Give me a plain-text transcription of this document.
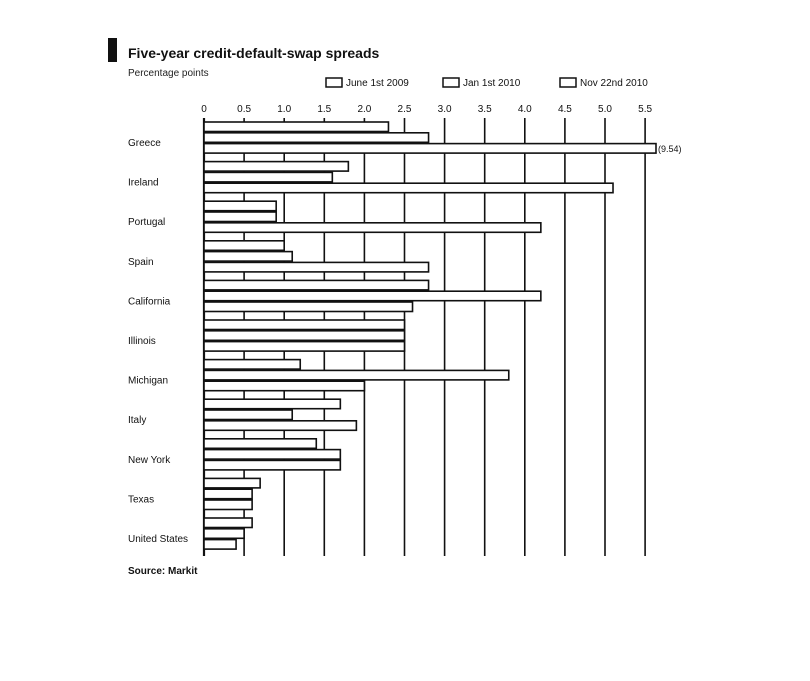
Five-year credit-default-swap spreads
Percentage points
June 1st 2009	Jan 1st 2010	Nov 22nd 2010
0	0.5	1.0	1.5	2.0	2.5	3.0	3.5	4.0	4.5	5.0	5.5
Greece
Ireland
Portugal
Spain
California
Illinois
Michigan
Italy
New York
Texas
United States
(9.54)
Source: Markit
